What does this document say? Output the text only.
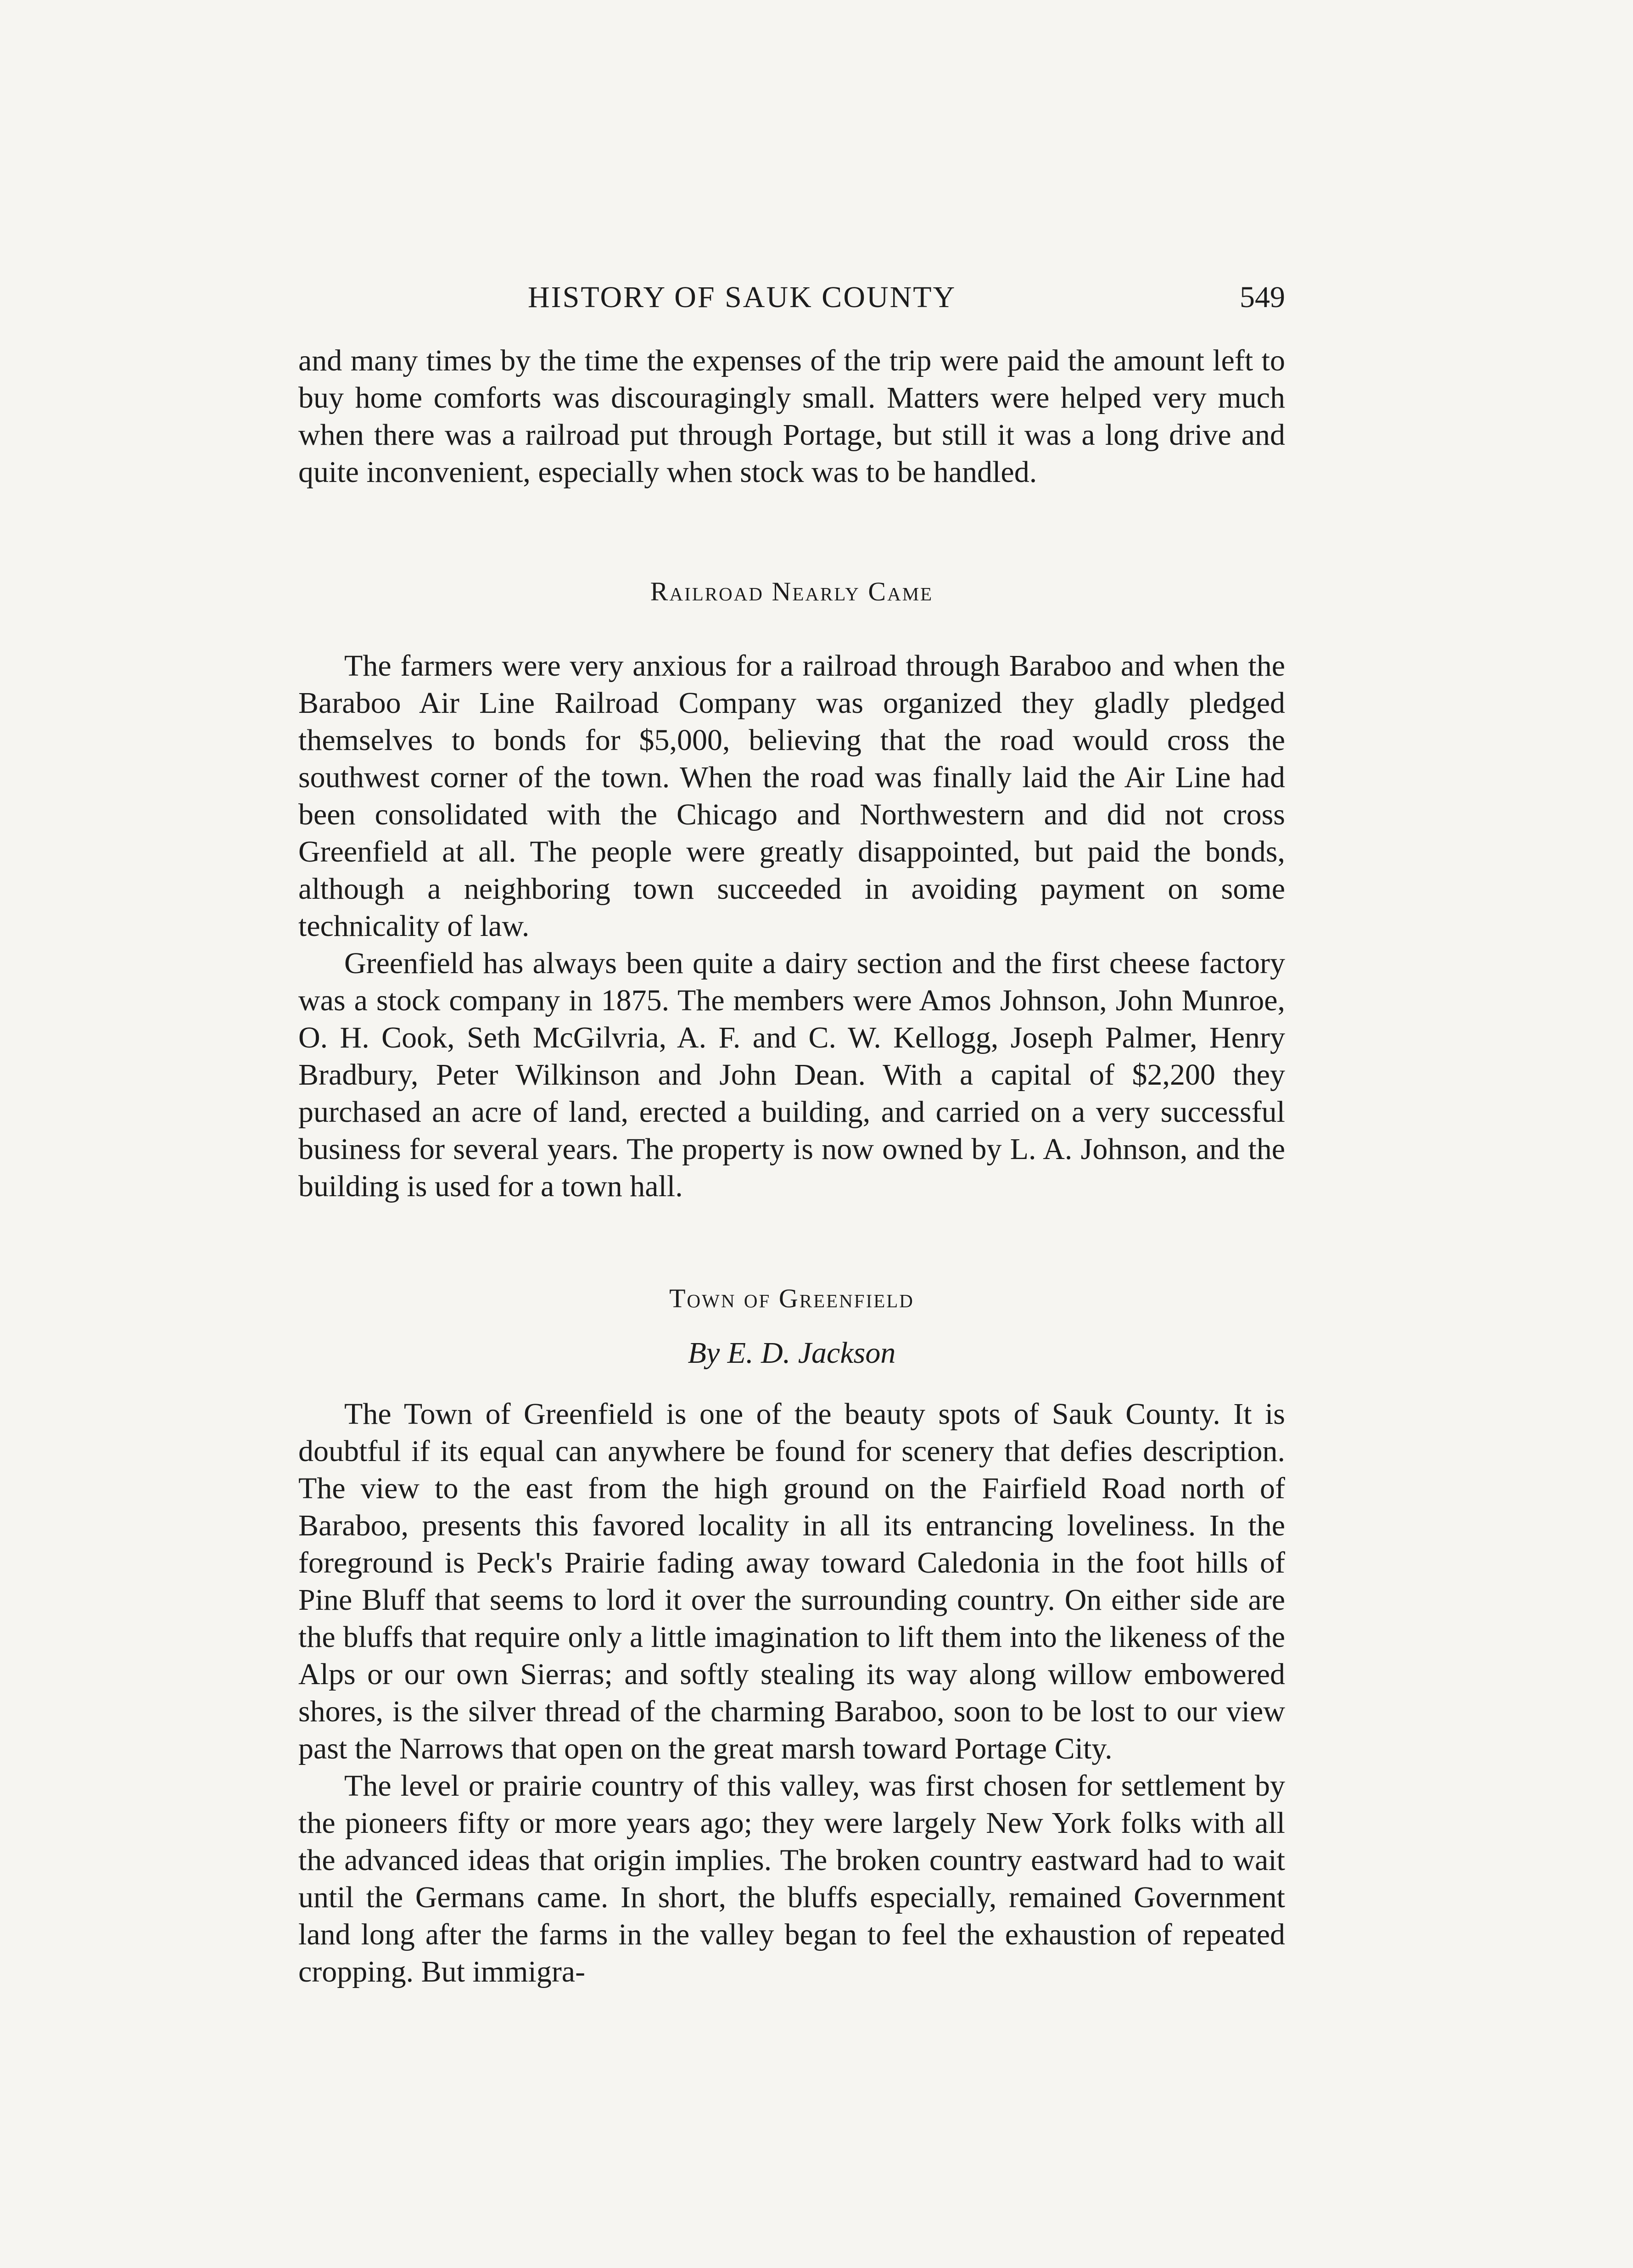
HISTORY OF SAUK COUNTY	549

and many times by the time the expenses of the trip were paid the amount left to buy home comforts was discouragingly small. Matters were helped very much when there was a railroad put through Portage, but still it was a long drive and quite inconvenient, especially when stock was to be handled.

Railroad Nearly Came

The farmers were very anxious for a railroad through Baraboo and when the Baraboo Air Line Railroad Company was organized they gladly pledged themselves to bonds for $5,000, believing that the road would cross the southwest corner of the town. When the road was finally laid the Air Line had been consolidated with the Chicago and Northwestern and did not cross Greenfield at all. The people were greatly disappointed, but paid the bonds, although a neighboring town succeeded in avoiding payment on some technicality of law.

Greenfield has always been quite a dairy section and the first cheese factory was a stock company in 1875. The members were Amos Johnson, John Munroe, O. H. Cook, Seth McGilvria, A. F. and C. W. Kellogg, Joseph Palmer, Henry Bradbury, Peter Wilkinson and John Dean. With a capital of $2,200 they purchased an acre of land, erected a building, and carried on a very successful business for several years. The property is now owned by L. A. Johnson, and the building is used for a town hall.

Town of Greenfield

By E. D. Jackson

The Town of Greenfield is one of the beauty spots of Sauk County. It is doubtful if its equal can anywhere be found for scenery that defies description. The view to the east from the high ground on the Fairfield Road north of Baraboo, presents this favored locality in all its entrancing loveliness. In the foreground is Peck's Prairie fading away toward Caledonia in the foot hills of Pine Bluff that seems to lord it over the surrounding country. On either side are the bluffs that require only a little imagination to lift them into the likeness of the Alps or our own Sierras; and softly stealing its way along willow embowered shores, is the silver thread of the charming Baraboo, soon to be lost to our view past the Narrows that open on the great marsh toward Portage City.

The level or prairie country of this valley, was first chosen for settlement by the pioneers fifty or more years ago; they were largely New York folks with all the advanced ideas that origin implies. The broken country eastward had to wait until the Germans came. In short, the bluffs especially, remained Government land long after the farms in the valley began to feel the exhaustion of repeated cropping. But immigra-
